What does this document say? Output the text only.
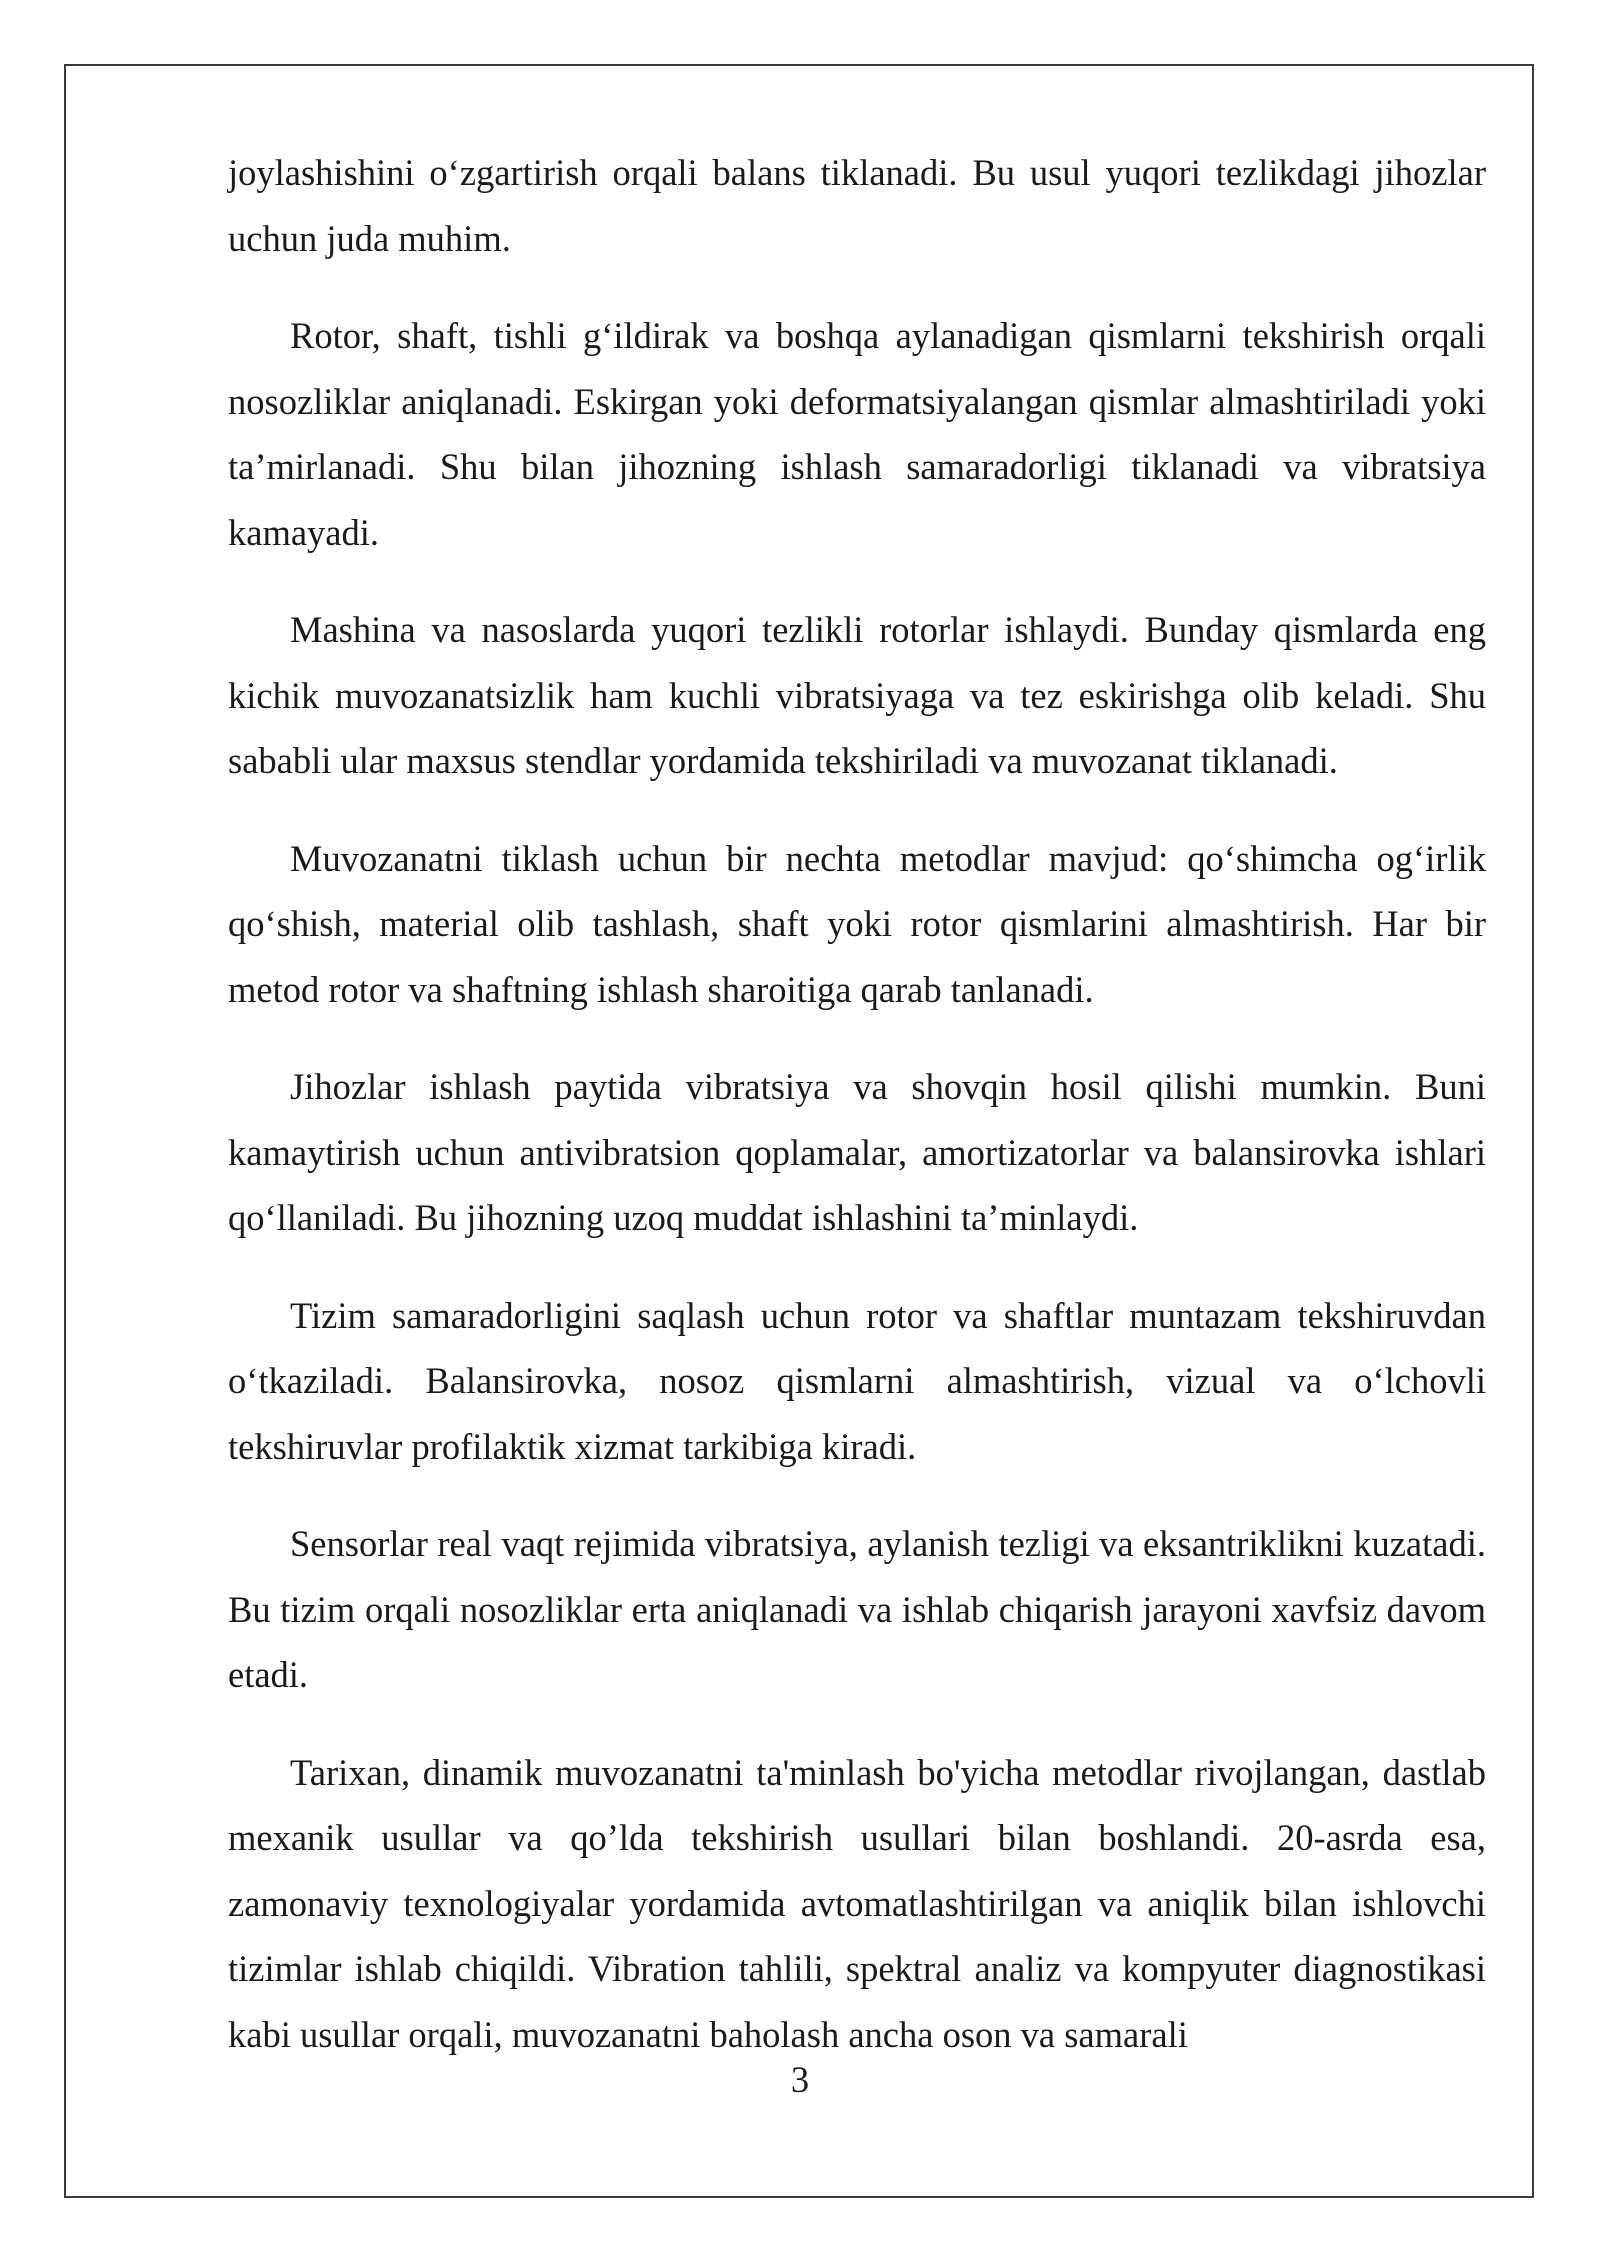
joylashishini o‘zgartirish orqali balans tiklanadi. Bu usul yuqori tezlikdagi jihozlar uchun juda muhim.

Rotor, shaft, tishli g‘ildirak va boshqa aylanadigan qismlarni tekshirish orqali nosozliklar aniqlanadi. Eskirgan yoki deformatsiyalangan qismlar almashtiriladi yoki ta’mirlanadi. Shu bilan jihozning ishlash samaradorligi tiklanadi va vibratsiya kamayadi.

Mashina va nasoslarda yuqori tezlikli rotorlar ishlaydi. Bunday qismlarda eng kichik muvozanatsizlik ham kuchli vibratsiyaga va tez eskirishga olib keladi. Shu sababli ular maxsus stendlar yordamida tekshiriladi va muvozanat tiklanadi.

Muvozanatni tiklash uchun bir nechta metodlar mavjud: qo‘shimcha og‘irlik qo‘shish, material olib tashlash, shaft yoki rotor qismlarini almashtirish. Har bir metod rotor va shaftning ishlash sharoitiga qarab tanlanadi.

Jihozlar ishlash paytida vibratsiya va shovqin hosil qilishi mumkin. Buni kamaytirish uchun antivibratsion qoplamalar, amortizatorlar va balansirovka ishlari qo‘llaniladi. Bu jihozning uzoq muddat ishlashini ta’minlaydi.

Tizim samaradorligini saqlash uchun rotor va shaftlar muntazam tekshiruvdan o‘tkaziladi. Balansirovka, nosoz qismlarni almashtirish, vizual va o‘lchovli tekshiruvlar profilaktik xizmat tarkibiga kiradi.

Sensorlar real vaqt rejimida vibratsiya, aylanish tezligi va eksantriklikni kuzatadi. Bu tizim orqali nosozliklar erta aniqlanadi va ishlab chiqarish jarayoni xavfsiz davom etadi.

Tarixan, dinamik muvozanatni ta'minlash bo'yicha metodlar rivojlangan, dastlab mexanik usullar va qo’lda tekshirish usullari bilan boshlandi. 20-asrda esa, zamonaviy texnologiyalar yordamida avtomatlashtirilgan va aniqlik bilan ishlovchi tizimlar ishlab chiqildi. Vibration tahlili, spektral analiz va kompyuter diagnostikasi kabi usullar orqali, muvozanatni baholash ancha oson va samarali

3
